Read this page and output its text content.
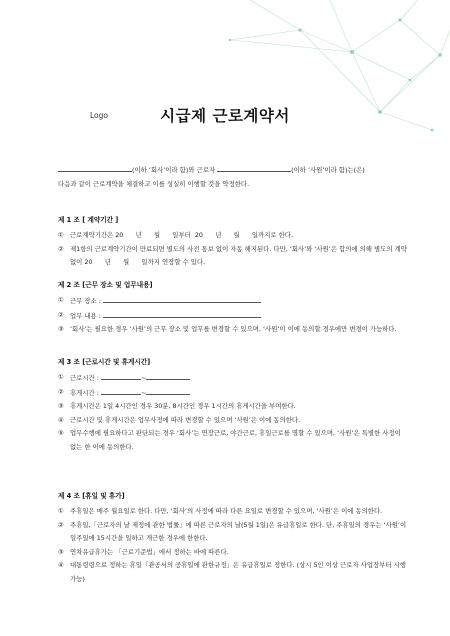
Logo	시급제 근로계약서
(이하 ‘회사’이라 함)와 근로자	(이하 ‘사원’이라 함)는(은)
다음과 같이 근로계약을 체결하고 이를 성실히 이행할 것을 약정한다.
제 1 조 [ 계약기간 ]
① 근로계약기간은 20      년      월      일부터  20      년      월      일까지로 한다.
② 제1항의 근로계약기간이 만료되면 별도의 사전 통보 없이 자동 해지된다. 다만, ‘회사’와 ‘사원’은 합의에 의해 별도의 계약 없이 20      년      월      일까지 연장할 수 있다.
제 2 조 [근무 장소 및 업무내용]
① 근무 장소 :
② 업무 내용 :
③ ‘회사’는 필요한 경우 ‘사원’의 근무 장소 및 업무를 변경할 수 있으며, ‘사원’이 이에 동의할 경우에만 변경이 가능하다.
제 3 조 [근로시간 및 휴게시간]
① 근로시간 :	~
② 휴게시간 :	~
③ 휴게시간은 1일 4시간인 경우 30분, 8시간인 경우 1시간의 휴게시간을 부여한다.
④ 근로시간 및 휴게시간은 업무사정에 따라 변경할 수 있으며 ‘사원’은 이에 동의한다.
⑤ 업무수행에 필요하다고 판단되는 경우 ‘회사’는 연장근로, 야간근로, 휴일근로를 명할 수 있으며, ‘사원’은 특별한 사정이 없는 한 이에 동의한다.
제 4 조 [휴일 및 휴가]
① 주휴일은 매주 월요일로 한다. 다만, ‘회사’의 사정에 따라 다른 요일로 변경할 수 있으며, ‘사원’은 이에 동의한다.
② 주휴일,「근로자의 날 제정에 관한 법률」에 따른 근로자의 날(5월 1일)은 유급휴일로 한다. 단, 주휴일의 경우는 ‘사원’이 일주일에 15시간을 일하고 개근한 경우에 한한다.
③ 연차유급휴가는 「근로기준법」에서 정하는 바에 따른다.
④ 대통령령으로 정하는 휴일「관공서의 공휴일에 관한규정」은 유급휴일로 정한다. (상시 5인 이상 근로자 사업장부터 시행 가능)
